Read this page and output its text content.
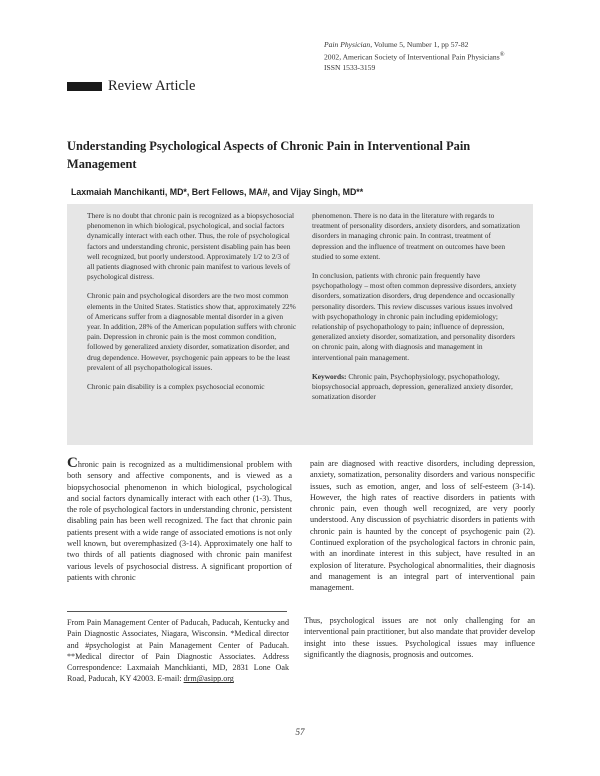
Pain Physician, Volume 5, Number 1, pp 57-82
2002, American Society of Interventional Pain Physicians®
ISSN 1533-3159
Review Article
Understanding Psychological Aspects of Chronic Pain in Interventional Pain Management
Laxmaiah Manchikanti, MD*, Bert Fellows, MA#, and Vijay Singh, MD**

There is no doubt that chronic pain is recognized as a biopsychosocial phenomenon in which biological, psychological, and social factors dynamically interact with each other. Thus, the role of psychological factors and understanding chronic, persistent disabling pain has been well recognized, but poorly understood. Approximately 1/2 to 2/3 of all patients diagnosed with chronic pain manifest to various levels of psychological distress.

Chronic pain and psychological disorders are the two most common elements in the United States. Statistics show that, approximately 22% of Americans suffer from a diagnosable mental disorder in a given year. In addition, 28% of the American population suffers with chronic pain. Depression in chronic pain is the most common condition, followed by generalized anxiety disorder, somatization disorder, and drug dependence. However, psychogenic pain appears to be the least prevalent of all psychopathological issues.

Chronic pain disability is a complex psychosocial economic

phenomenon. There is no data in the literature with regards to treatment of personality disorders, anxiety disorders, and somatization disorders in managing chronic pain. In contrast, treatment of depression and the influence of treatment on outcomes have been studied to some extent.

In conclusion, patients with chronic pain frequently have psychopathology – most often common depressive disorders, anxiety disorders, somatization disorders, drug dependence and occasionally personality disorders. This review discusses various issues involved with psychopathology in chronic pain including epidemiology; relationship of psychopathology to pain; influence of depression, generalized anxiety disorder, somatization, and personality disorders on chronic pain, along with diagnosis and management in interventional pain management.

Keywords: Chronic pain, Psychophysiology, psychopathology, biopsychosocial approach, depression, generalized anxiety disorder, somatization disorder

Chronic pain is recognized as a multidimensional problem with both sensory and affective components, and is viewed as a biopsychosocial phenomenon in which biological, psychological and social factors dynamically interact with each other (1-3). Thus, the role of psychological factors in understanding chronic, persistent disabling pain has been well recognized. The fact that chronic pain patients present with a wide range of associated emotions is not only well known, but overemphasized (3-14). Approximately one half to two thirds of all patients diagnosed with chronic pain manifest various levels of psychosocial distress. A significant proportion of patients with chronic

pain are diagnosed with reactive disorders, including depression, anxiety, somatization, personality disorders and various nonspecific issues, such as emotion, anger, and loss of self-esteem (3-14). However, the high rates of reactive disorders in patients with chronic pain, even though well recognized, are very poorly understood. Any discussion of psychiatric disorders in patients with chronic pain is haunted by the concept of psychogenic pain (2). Continued exploration of the psychological factors in chronic pain, with an inordinate interest in this subject, have resulted in an explosion of literature. Psychological abnormalities, their diagnosis and management is an integral part of interventional pain management.

From Pain Management Center of Paducah, Paducah, Kentucky and Pain Diagnostic Associates, Niagara, Wisconsin. *Medical director and #psychologist at Pain Management Center of Paducah. **Medical director of Pain Diagnostic Associates. Address Correspondence: Laxmaiah Manchkianti, MD, 2831 Lone Oak Road, Paducah, KY 42003. E-mail: drm@asipp.org
Thus, psychological issues are not only challenging for an interventional pain practitioner, but also mandate that provider develop insight into these issues. Psychological issues may influence significantly the diagnosis, prognosis and outcomes.
57
